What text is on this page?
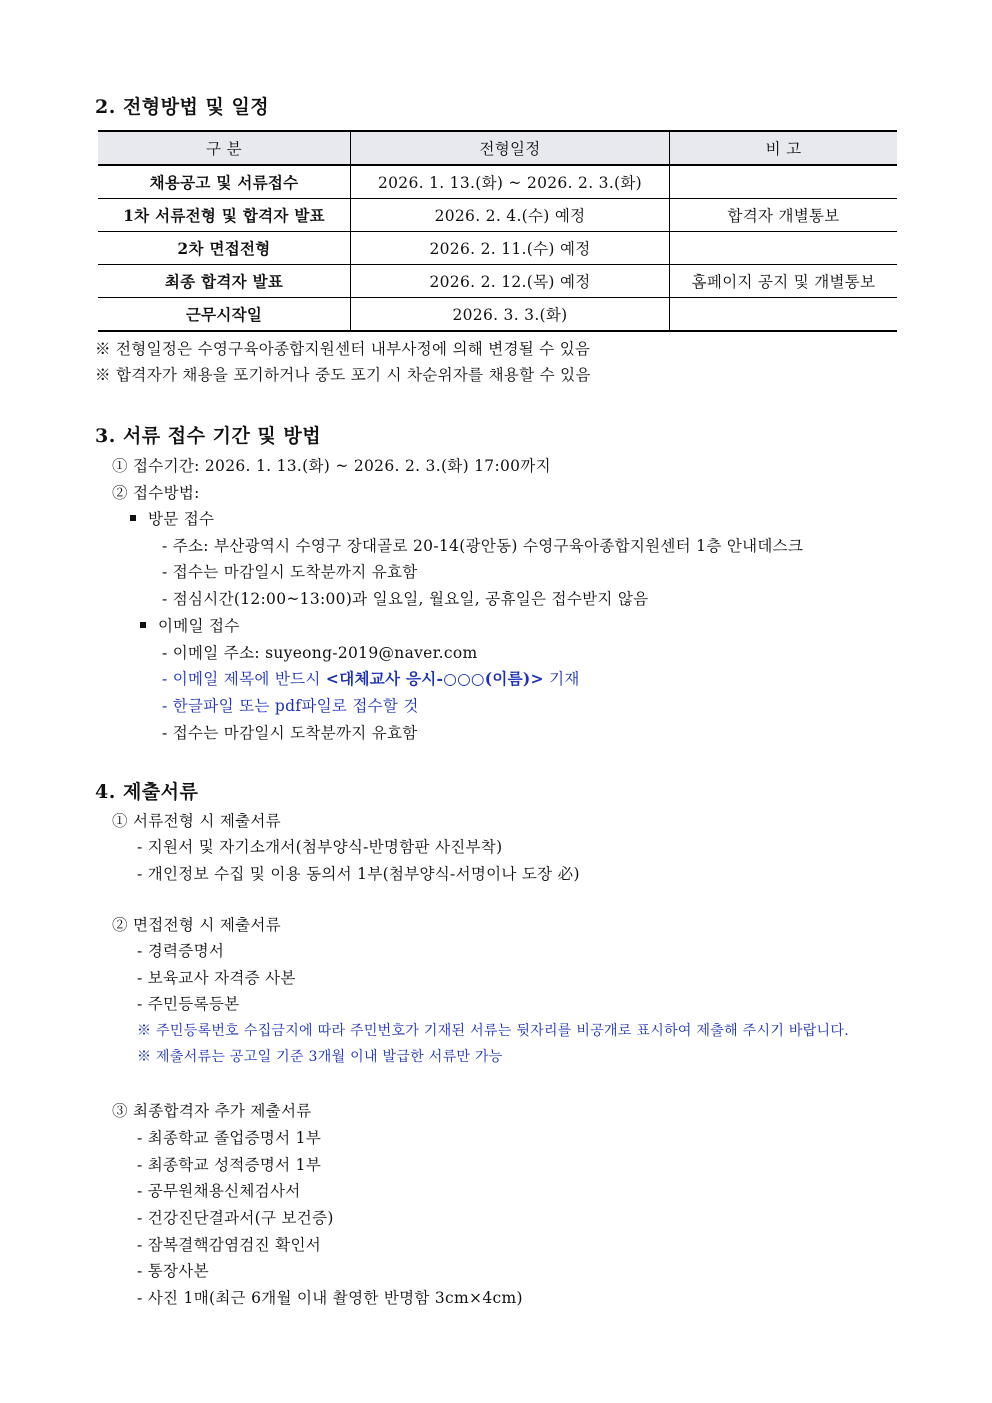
2. 전형방법 및 일정
구 분	전형일정	비 고
채용공고 및 서류접수	2026. 1. 13.(화) ~ 2026. 2. 3.(화)	
1차 서류전형 및 합격자 발표	2026. 2. 4.(수) 예정	합격자 개별통보
2차 면접전형	2026. 2. 11.(수) 예정	
최종 합격자 발표	2026. 2. 12.(목) 예정	홈페이지 공지 및 개별통보
근무시작일	2026. 3. 3.(화)	
※ 전형일정은 수영구육아종합지원센터 내부사정에 의해 변경될 수 있음
※ 합격자가 채용을 포기하거나 중도 포기 시 차순위자를 채용할 수 있음
3. 서류 접수 기간 및 방법
① 접수기간: 2026. 1. 13.(화) ~ 2026. 2. 3.(화) 17:00까지
② 접수방법:
방문 접수
- 주소: 부산광역시 수영구 장대골로 20-14(광안동) 수영구육아종합지원센터 1층 안내데스크
- 접수는 마감일시 도착분까지 유효함
- 점심시간(12:00~13:00)과 일요일, 월요일, 공휴일은 접수받지 않음
이메일 접수
- 이메일 주소: suyeong-2019@naver.com
- 이메일 제목에 반드시 <대체교사 응시-○○○(이름)> 기재
- 한글파일 또는 pdf파일로 접수할 것
- 접수는 마감일시 도착분까지 유효함
4. 제출서류
① 서류전형 시 제출서류
- 지원서 및 자기소개서(첨부양식-반명함판 사진부착)
- 개인정보 수집 및 이용 동의서 1부(첨부양식-서명이나 도장 必)
② 면접전형 시 제출서류
- 경력증명서
- 보육교사 자격증 사본
- 주민등록등본
※ 주민등록번호 수집금지에 따라 주민번호가 기재된 서류는 뒷자리를 비공개로 표시하여 제출해 주시기 바랍니다.
※ 제출서류는 공고일 기준 3개월 이내 발급한 서류만 가능
③ 최종합격자 추가 제출서류
- 최종학교 졸업증명서 1부
- 최종학교 성적증명서 1부
- 공무원채용신체검사서
- 건강진단결과서(구 보건증)
- 잠복결핵감염검진 확인서
- 통장사본
- 사진 1매(최근 6개월 이내 촬영한 반명함 3cm×4cm)
